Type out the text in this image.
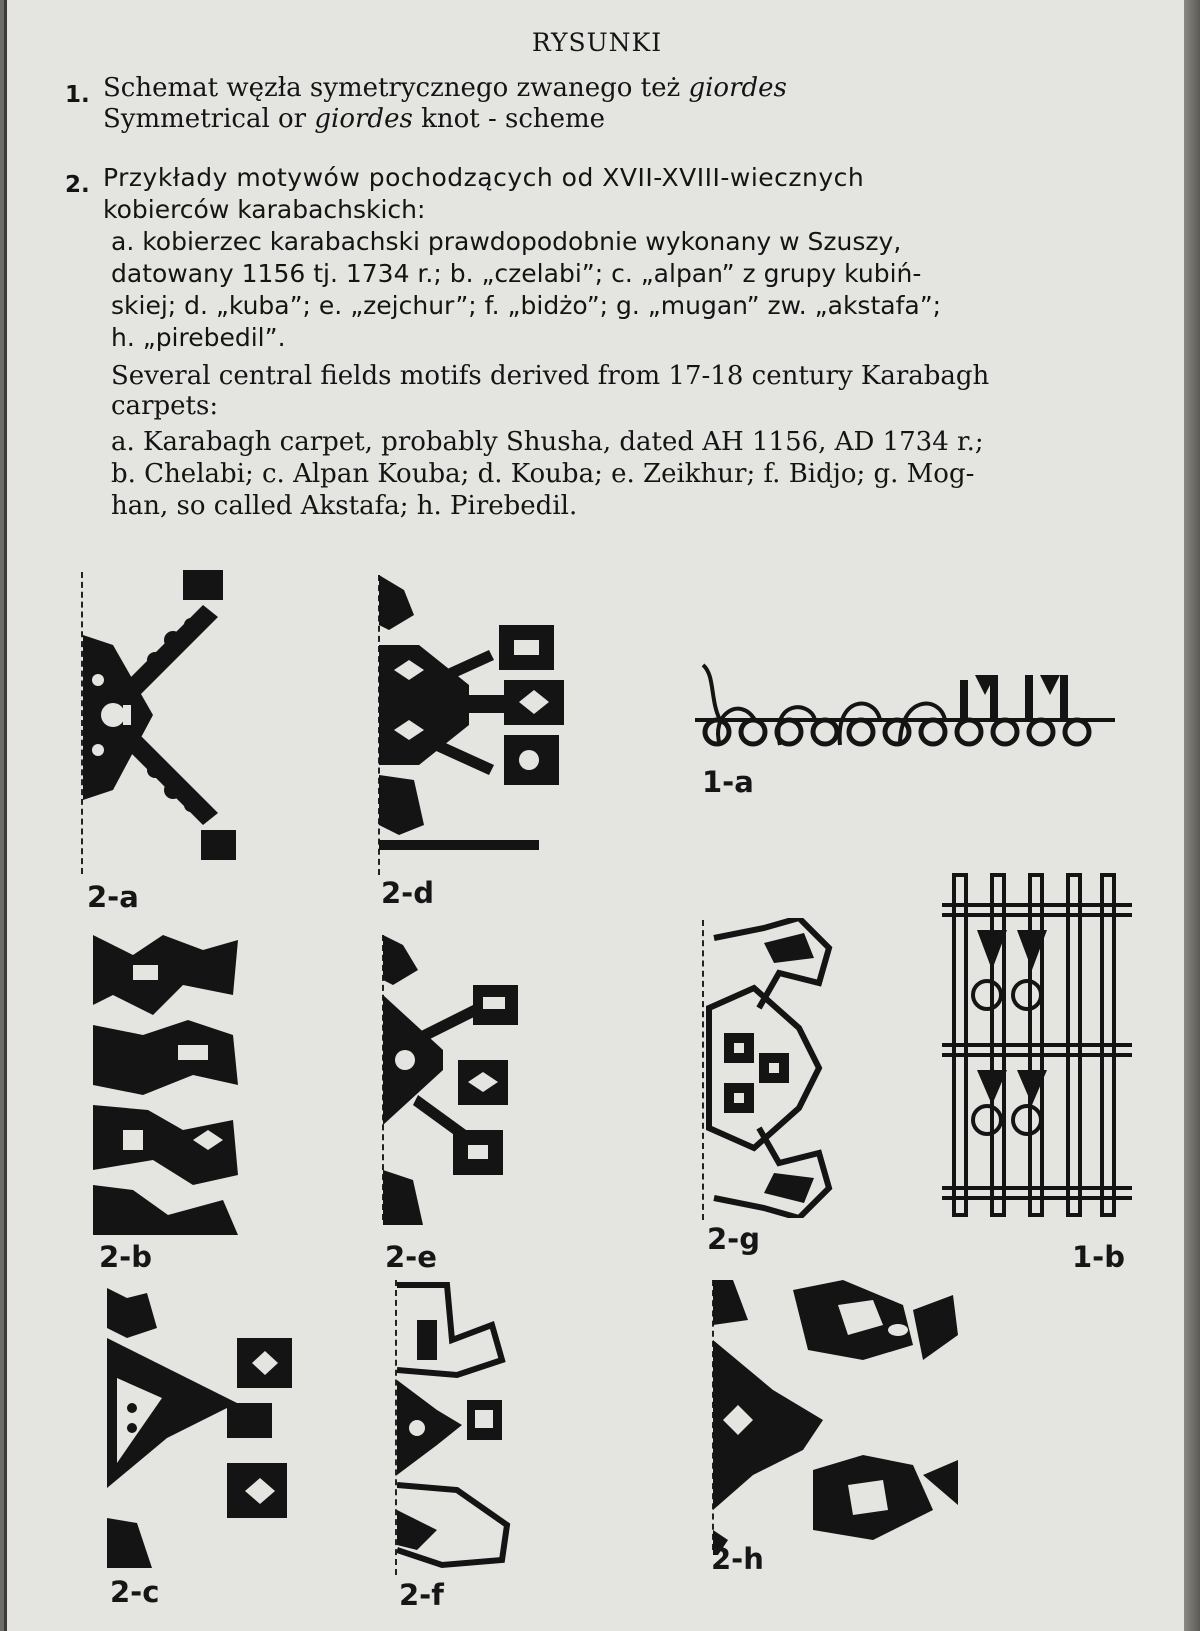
RYSUNKI
1. Schemat węzła symetrycznego zwanego też giordes
Symmetrical or giordes knot - scheme
2. Przykłady motywów pochodzących od XVII-XVIII-wiecznych
kobierców karabachskich:
a. kobierzec karabachski prawdopodobnie wykonany w Szuszy,
datowany 1156 tj. 1734 r.; b. „czelabi”; c. „alpan” z grupy kubiń-
skiej; d. „kuba”; e. „zejchur”; f. „bidżo”; g. „mugan” zw. „akstafa”;
h. „pirebedil”.
Several central fields motifs derived from 17-18 century Karabagh
carpets:
a. Karabagh carpet, probably Shusha, dated AH 1156, AD 1734 r.;
b. Chelabi; c. Alpan Kouba; d. Kouba; e. Zeikhur; f. Bidjo; g. Mog-
han, so called Akstafa; h. Pirebedil.
2-a	2-d
1-a
2-b	2-e
2-g
1-b
2-c	2-f
2-h
